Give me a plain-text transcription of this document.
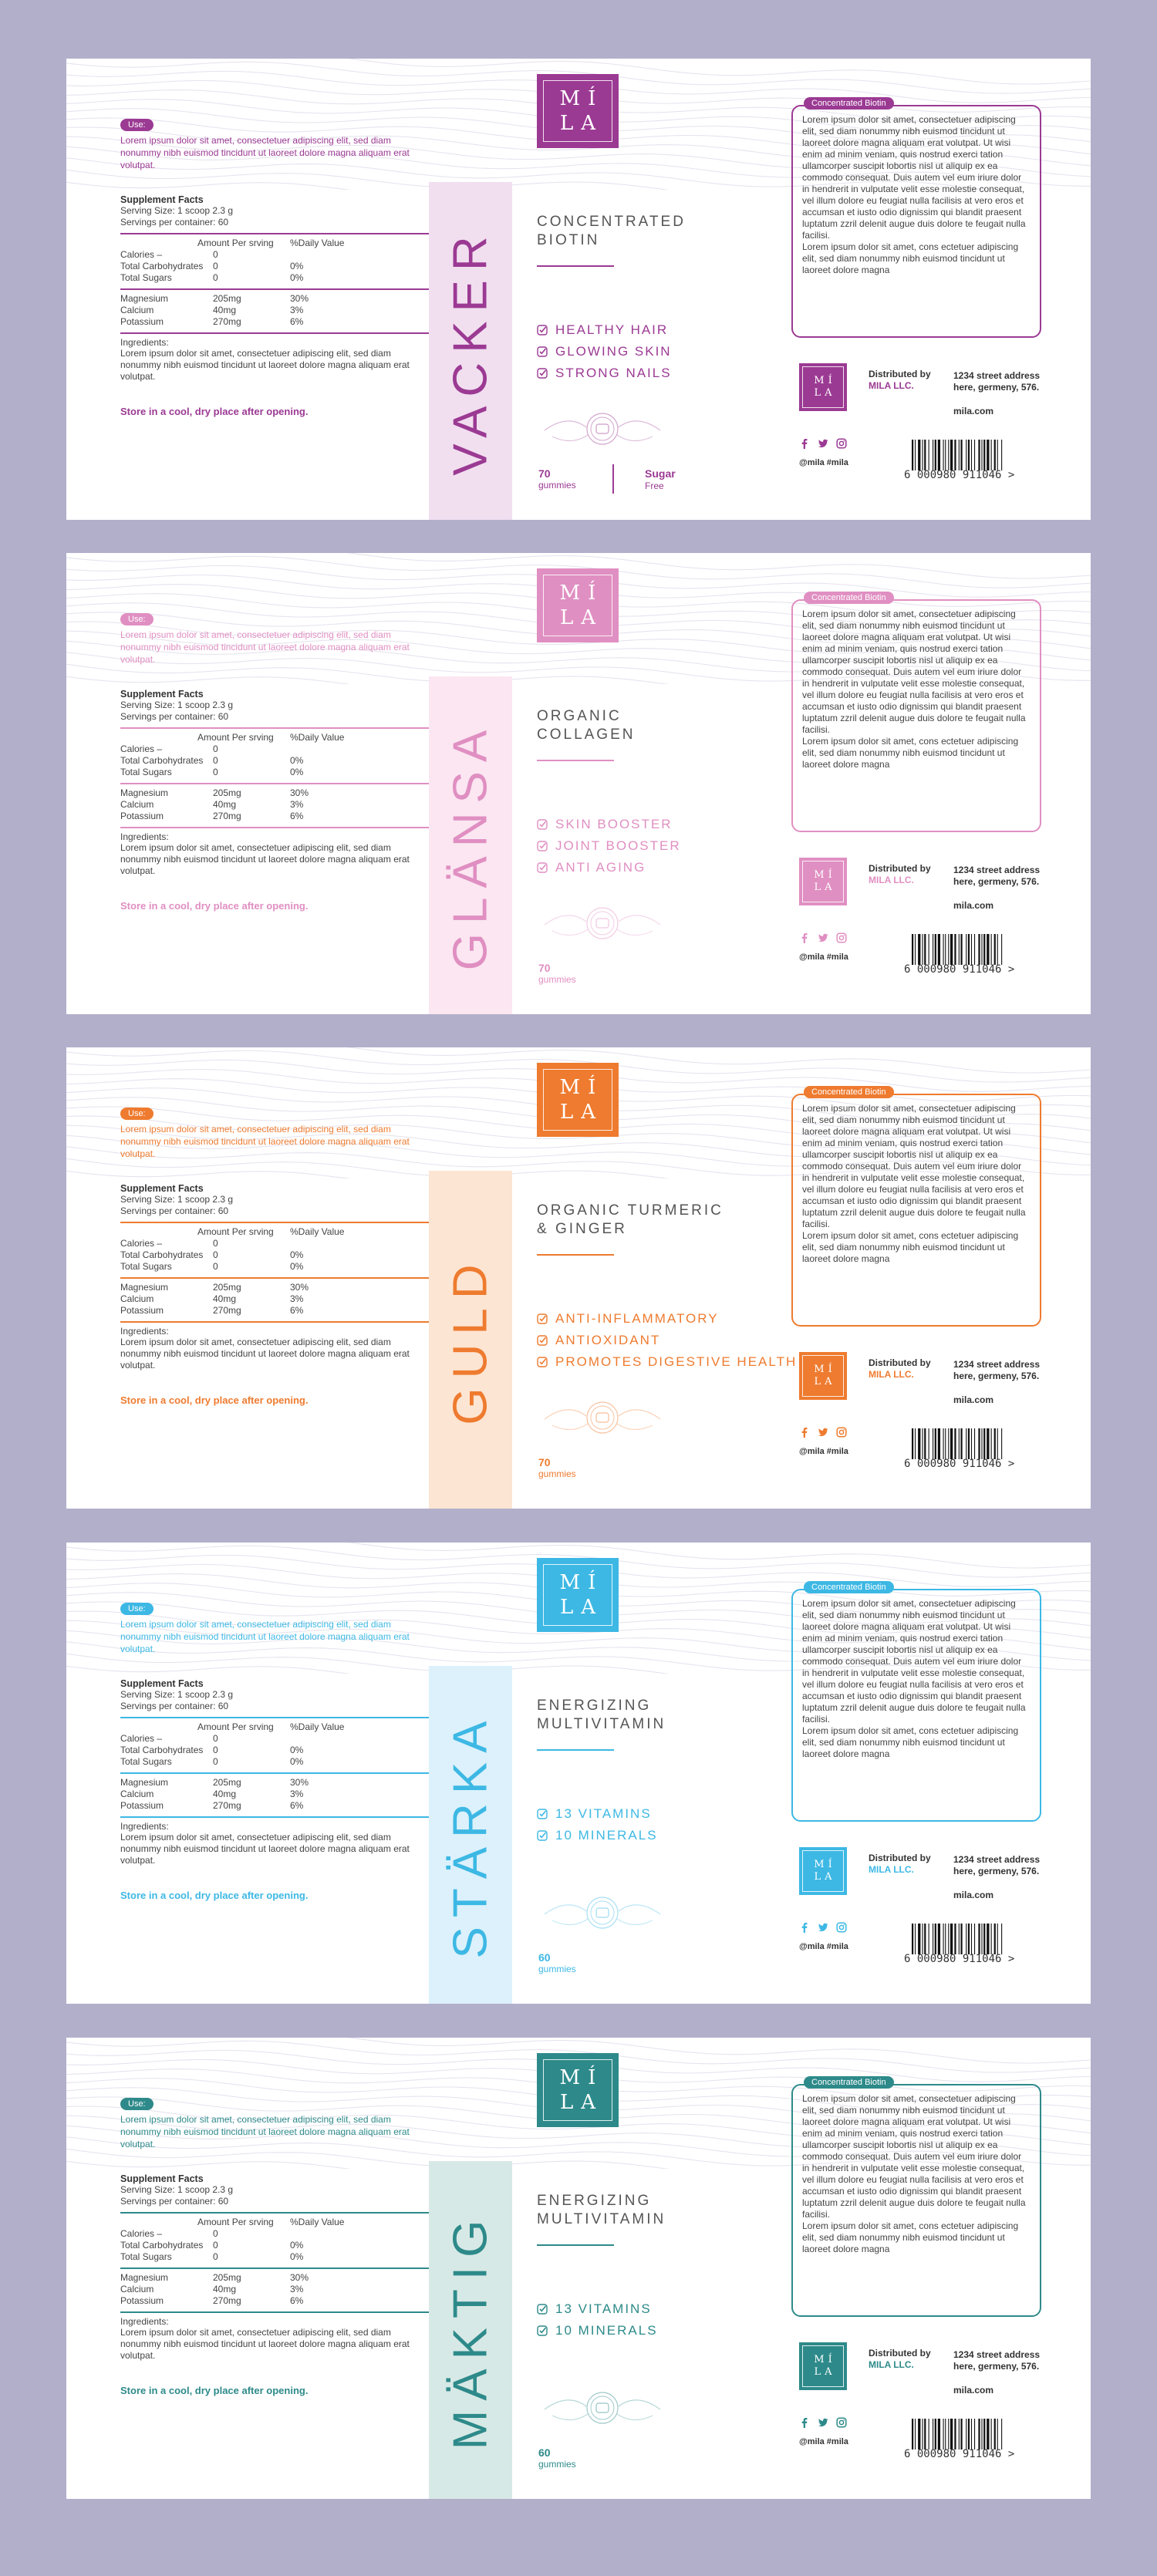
Use:
Lorem ipsum dolor sit amet, consectetuer adipiscing elit, sed diam nonummy nibh euismod tincidunt ut laoreet dolore magna aliquam erat volutpat.
Supplement Facts
Serving Size: 1 scoop 2.3 g
Servings per container: 60
Amount Per srving	%Daily Value
Calories –	0
Total Carbohydrates	0	0%
Total Sugars	0	0%
Magnesium	205mg	30%
Calcium	40mg	3%
Potassium	270mg	6%
Ingredients:
Lorem ipsum dolor sit amet, consectetuer adipiscing elit, sed diam nonummy nibh euismod tincidunt ut laoreet dolore magna aliquam erat volutpat.
Store in a cool, dry place after opening.	VACKER
MÍ
LA
CONCENTRATED
BIOTIN
HEALTHY HAIR
GLOWING SKIN
STRONG NAILS
70
gummies
Sugar
Free
Concentrated Biotin
Lorem ipsum dolor sit amet, consectetuer adipiscing elit, sed diam nonummy nibh euismod tincidunt ut laoreet dolore magna aliquam erat volutpat. Ut wisi enim ad minim veniam, quis nostrud exerci tation ullamcorper suscipit lobortis nisl ut aliquip ex ea commodo consequat. Duis autem vel eum iriure dolor in hendrerit in vulputate velit esse molestie consequat, vel illum dolore eu feugiat nulla facilisis at vero eros et accumsan et iusto odio dignissim qui blandit praesent luptatum zzril delenit augue duis dolore te feugait nulla facilisi.
Lorem ipsum dolor sit amet, cons ectetuer adipiscing elit, sed diam nonummy nibh euismod tincidunt ut laoreet dolore magna
MÍ
LA
Distributed by
MILA LLC.
1234 street address here, germeny, 576.
mila.com
@mila #mila
6 000980 911046 >
Use:
Lorem ipsum dolor sit amet, consectetuer adipiscing elit, sed diam nonummy nibh euismod tincidunt ut laoreet dolore magna aliquam erat volutpat.
Supplement Facts
Serving Size: 1 scoop 2.3 g
Servings per container: 60
Amount Per srving	%Daily Value
Calories –	0
Total Carbohydrates	0	0%
Total Sugars	0	0%
Magnesium	205mg	30%
Calcium	40mg	3%
Potassium	270mg	6%
Ingredients:
Lorem ipsum dolor sit amet, consectetuer adipiscing elit, sed diam nonummy nibh euismod tincidunt ut laoreet dolore magna aliquam erat volutpat.
Store in a cool, dry place after opening.	GLÄNSA
MÍ
LA
ORGANIC
COLLAGEN
SKIN BOOSTER
JOINT BOOSTER
ANTI AGING
70
gummies
Concentrated Biotin
Lorem ipsum dolor sit amet, consectetuer adipiscing elit, sed diam nonummy nibh euismod tincidunt ut laoreet dolore magna aliquam erat volutpat. Ut wisi enim ad minim veniam, quis nostrud exerci tation ullamcorper suscipit lobortis nisl ut aliquip ex ea commodo consequat. Duis autem vel eum iriure dolor in hendrerit in vulputate velit esse molestie consequat, vel illum dolore eu feugiat nulla facilisis at vero eros et accumsan et iusto odio dignissim qui blandit praesent luptatum zzril delenit augue duis dolore te feugait nulla facilisi.
Lorem ipsum dolor sit amet, cons ectetuer adipiscing elit, sed diam nonummy nibh euismod tincidunt ut laoreet dolore magna
MÍ
LA
Distributed by
MILA LLC.
1234 street address here, germeny, 576.
mila.com
@mila #mila
6 000980 911046 >
Use:
Lorem ipsum dolor sit amet, consectetuer adipiscing elit, sed diam nonummy nibh euismod tincidunt ut laoreet dolore magna aliquam erat volutpat.
Supplement Facts
Serving Size: 1 scoop 2.3 g
Servings per container: 60
Amount Per srving	%Daily Value
Calories –	0
Total Carbohydrates	0	0%
Total Sugars	0	0%
Magnesium	205mg	30%
Calcium	40mg	3%
Potassium	270mg	6%
Ingredients:
Lorem ipsum dolor sit amet, consectetuer adipiscing elit, sed diam nonummy nibh euismod tincidunt ut laoreet dolore magna aliquam erat volutpat.
Store in a cool, dry place after opening.	GULD
MÍ
LA
ORGANIC TURMERIC
& GINGER
ANTI-INFLAMMATORY
ANTIOXIDANT
PROMOTES DIGESTIVE HEALTH
70
gummies
Concentrated Biotin
Lorem ipsum dolor sit amet, consectetuer adipiscing elit, sed diam nonummy nibh euismod tincidunt ut laoreet dolore magna aliquam erat volutpat. Ut wisi enim ad minim veniam, quis nostrud exerci tation ullamcorper suscipit lobortis nisl ut aliquip ex ea commodo consequat. Duis autem vel eum iriure dolor in hendrerit in vulputate velit esse molestie consequat, vel illum dolore eu feugiat nulla facilisis at vero eros et accumsan et iusto odio dignissim qui blandit praesent luptatum zzril delenit augue duis dolore te feugait nulla facilisi.
Lorem ipsum dolor sit amet, cons ectetuer adipiscing elit, sed diam nonummy nibh euismod tincidunt ut laoreet dolore magna
MÍ
LA
Distributed by
MILA LLC.
1234 street address here, germeny, 576.
mila.com
@mila #mila
6 000980 911046 >
Use:
Lorem ipsum dolor sit amet, consectetuer adipiscing elit, sed diam nonummy nibh euismod tincidunt ut laoreet dolore magna aliquam erat volutpat.
Supplement Facts
Serving Size: 1 scoop 2.3 g
Servings per container: 60
Amount Per srving	%Daily Value
Calories –	0
Total Carbohydrates	0	0%
Total Sugars	0	0%
Magnesium	205mg	30%
Calcium	40mg	3%
Potassium	270mg	6%
Ingredients:
Lorem ipsum dolor sit amet, consectetuer adipiscing elit, sed diam nonummy nibh euismod tincidunt ut laoreet dolore magna aliquam erat volutpat.
Store in a cool, dry place after opening.	STÄRKA
MÍ
LA
ENERGIZING
MULTIVITAMIN
13 VITAMINS
10 MINERALS
60
gummies
Concentrated Biotin
Lorem ipsum dolor sit amet, consectetuer adipiscing elit, sed diam nonummy nibh euismod tincidunt ut laoreet dolore magna aliquam erat volutpat. Ut wisi enim ad minim veniam, quis nostrud exerci tation ullamcorper suscipit lobortis nisl ut aliquip ex ea commodo consequat. Duis autem vel eum iriure dolor in hendrerit in vulputate velit esse molestie consequat, vel illum dolore eu feugiat nulla facilisis at vero eros et accumsan et iusto odio dignissim qui blandit praesent luptatum zzril delenit augue duis dolore te feugait nulla facilisi.
Lorem ipsum dolor sit amet, cons ectetuer adipiscing elit, sed diam nonummy nibh euismod tincidunt ut laoreet dolore magna
MÍ
LA
Distributed by
MILA LLC.
1234 street address here, germeny, 576.
mila.com
@mila #mila
6 000980 911046 >
Use:
Lorem ipsum dolor sit amet, consectetuer adipiscing elit, sed diam nonummy nibh euismod tincidunt ut laoreet dolore magna aliquam erat volutpat.
Supplement Facts
Serving Size: 1 scoop 2.3 g
Servings per container: 60
Amount Per srving	%Daily Value
Calories –	0
Total Carbohydrates	0	0%
Total Sugars	0	0%
Magnesium	205mg	30%
Calcium	40mg	3%
Potassium	270mg	6%
Ingredients:
Lorem ipsum dolor sit amet, consectetuer adipiscing elit, sed diam nonummy nibh euismod tincidunt ut laoreet dolore magna aliquam erat volutpat.
Store in a cool, dry place after opening.	MÄKTIG
MÍ
LA
ENERGIZING
MULTIVITAMIN
13 VITAMINS
10 MINERALS
60
gummies
Concentrated Biotin
Lorem ipsum dolor sit amet, consectetuer adipiscing elit, sed diam nonummy nibh euismod tincidunt ut laoreet dolore magna aliquam erat volutpat. Ut wisi enim ad minim veniam, quis nostrud exerci tation ullamcorper suscipit lobortis nisl ut aliquip ex ea commodo consequat. Duis autem vel eum iriure dolor in hendrerit in vulputate velit esse molestie consequat, vel illum dolore eu feugiat nulla facilisis at vero eros et accumsan et iusto odio dignissim qui blandit praesent luptatum zzril delenit augue duis dolore te feugait nulla facilisi.
Lorem ipsum dolor sit amet, cons ectetuer adipiscing elit, sed diam nonummy nibh euismod tincidunt ut laoreet dolore magna
MÍ
LA
Distributed by
MILA LLC.
1234 street address here, germeny, 576.
mila.com
@mila #mila
6 000980 911046 >
